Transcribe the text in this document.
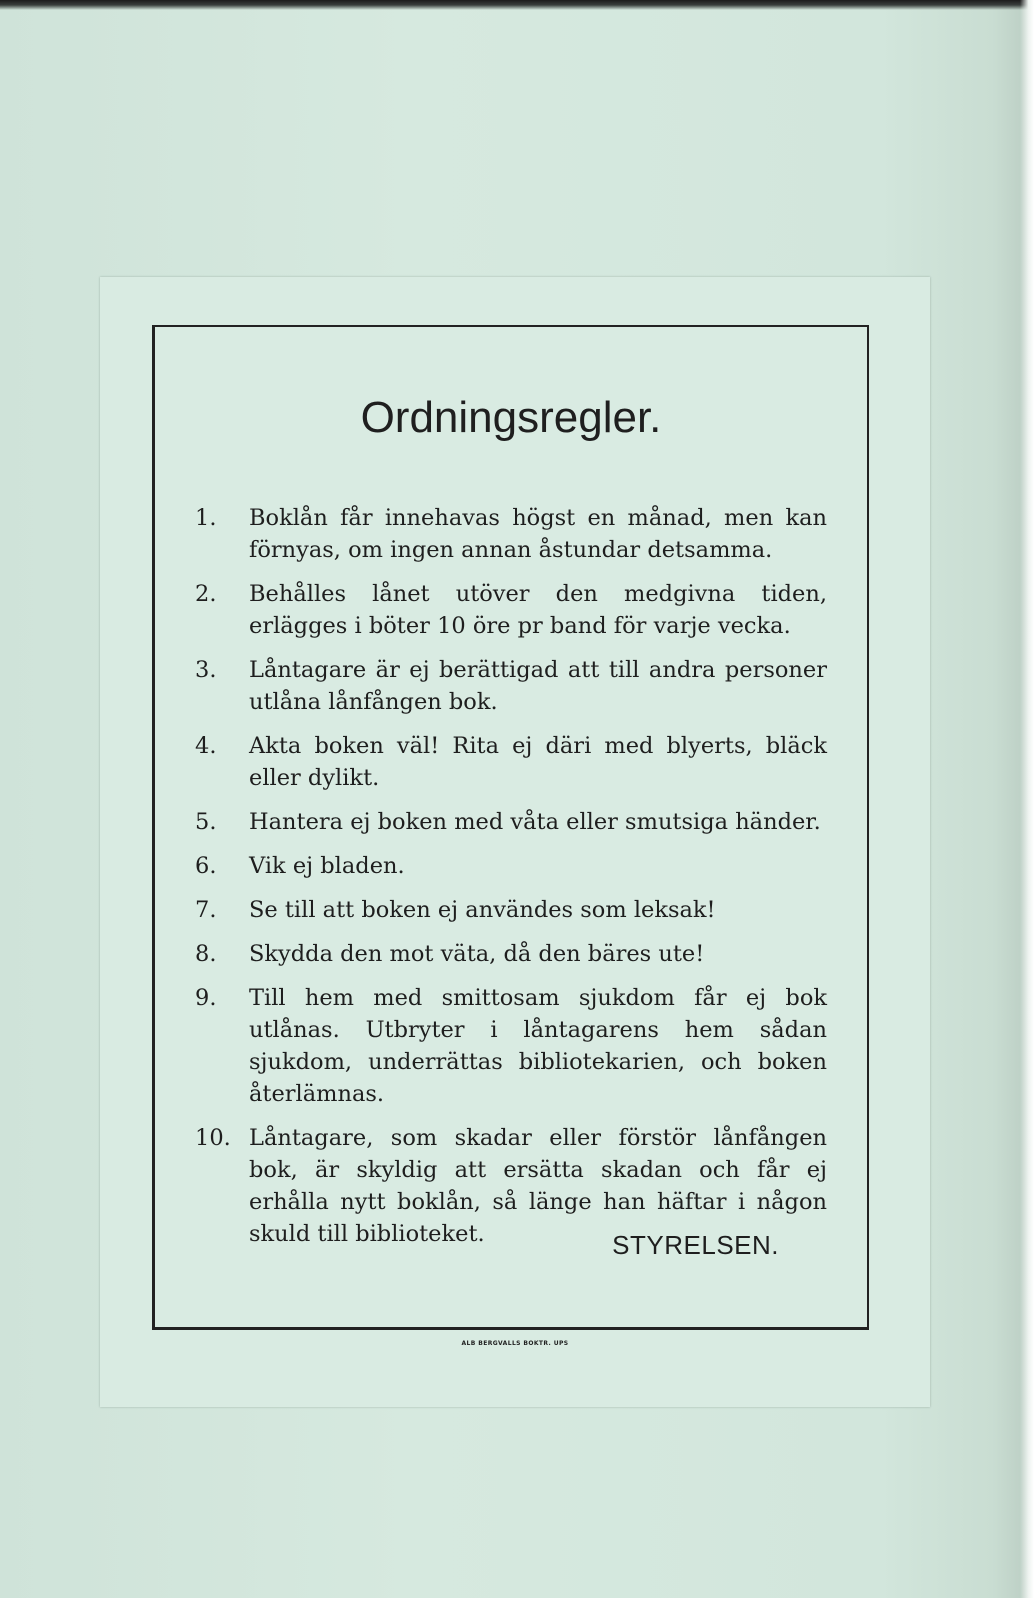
Ordningsregler.
1.	Boklån får innehavas högst en månad, men kan förnyas, om ingen annan åstundar detsamma.
2.	Behålles lånet utöver den medgivna tiden, erlägges i böter 10 öre pr band för varje vecka.
3.	Låntagare är ej berättigad att till andra personer utlåna lånfången bok.
4.	Akta boken väl! Rita ej däri med blyerts, bläck eller dylikt.
5.	Hantera ej boken med våta eller smutsiga händer.
6.	Vik ej bladen.
7.	Se till att boken ej användes som leksak!
8.	Skydda den mot väta, då den bäres ute!
9.	Till hem med smittosam sjukdom får ej bok utlånas. Utbryter i låntagarens hem sådan sjukdom, underrättas bibliotekarien, och boken återlämnas.
10. Låntagare, som skadar eller förstör lånfången bok, är skyldig att ersätta skadan och får ej erhålla nytt boklån, så länge han häftar i någon skuld till biblioteket.	STYRELSEN.
ALB BERGVALLS BOKTR. UPS
